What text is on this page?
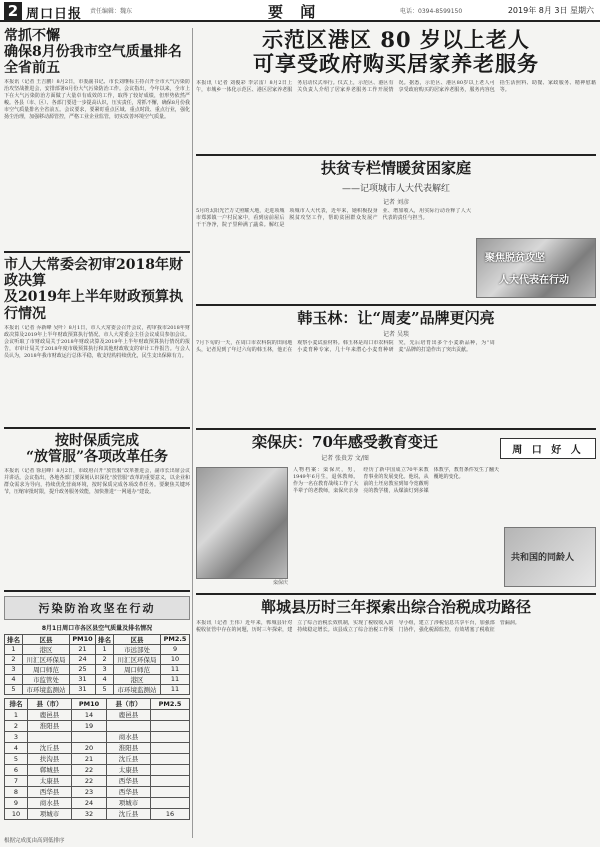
2 周口日报 责任编辑：魏东	要 闻	电话：0394-8599150	2019年 8月 3日 星期六
常抓不懈
确保8月份我市空气质量排名全省前五
本报讯（记者 王吉鹏）8月2日，市委副书记、市长刘继标主持召开全市大气污染防治攻坚战推进会，安排部署8月份大气污染防治工作。会议指出，今年以来，全市上下在大气污染防治方面做了大量卓有成效的工作，取得了较好成绩，但形势依然严峻。各县（市、区）、各部门要进一步提高认识，压实责任，常抓不懈，确保8月份我市空气质量排名全省前五。会议要求，要紧盯重点区域、重点时段、重点行业，强化扬尘治理，加强移动源管控，严格工业企业监管，切实改善环境空气质量。
市人大常委会初审2018年财政决算
及2019年上半年财政预算执行情况
本报讯（记者 乔新峰 吴叶）8月1日，市人大常委会召开会议，初审我市2018年财政决算及2019年上半年财政预算执行情况。市人大常委会主任会议成员参加会议。会议听取了市财政局关于2018年财政决算及2019年上半年财政预算执行情况的报告，市审计局关于2018年度市级预算执行和其他财政收支的审计工作报告。与会人员认为，2018年我市财政运行总体平稳，收支结构持续优化，民生支出保障有力。
按时保质完成
“放管服”各项改革任务
本报讯（记者 徐启峰）8月2日，市政府召开“放管服”改革推进会，副市长出席会议并讲话。会议指出，各地各部门要深刻认识深化“放管服”改革的重要意义，以企业和群众需求为导向，持续优化营商环境，按时保质完成各项改革任务。要聚焦关键环节，压缩审批时限，提升政务服务效能，加快推进“一网通办”建设。
污染防治攻坚在行动
8月1日周口市各区县空气质量及排名情况
排名	区县	PM10	排名	区县	PM2.5
1	港区	21	1	市远部处	9
2	川汇区环保局	24	2	川汇区环保局	10
3	周口师范	25	3	周口师范	11
4	市监管处	31	4	港区	11
5	市环境监测站	31	5	市环境监测站	11
排名	县（市）	PM10	县（市）	PM2.5
1	鹿邑县	14	鹿邑县	
2	淮阳县	19		
3			商水县	
4	沈丘县	20	淮阳县	
5	扶沟县	21	沈丘县	
6	郸城县	22	太康县	
7	太康县	22	西华县	
8	西华县	23	西华县	
9	商水县	24	项城市	
10	项城市	32	沈丘县	16
根据完成度由高到低排序
示范区港区 80 岁以上老人
可享受政府购买居家养老服务
本报讯（记者 刘俊彩 李宗雷）8月2日上午，市城乡一体化示范区、港区居家养老服务启动仪式举行。仪式上，示范区、港区有关负责人介绍了居家养老服务工作开展情况。据悉，示范区、港区80岁以上老人可享受政府购买的居家养老服务，服务内容包括生活照料、助餐、家政服务、精神慰藉等。
扶贫专栏情暖贫困家庭
——记项城市人大代表解红
记者 刘彦
5月的太阳光芒万丈照耀大地，走进项城市郑郭镇一户村民家中，看到房前屋后干干净净，院子里种满了蔬菜。解红是项城市人大代表，近年来，她积极投身脱贫攻坚工作，帮助贫困群众发展产业、增加收入，用实际行动诠释了人大代表的责任与担当。
聚焦脱贫攻坚
人大代表在行动
韩玉林：让“周麦”品牌更闪亮
记者 吴琰
7月下旬的一天，在周口市农科院的田间地头，记者见到了年过六旬的韩玉林，他正在观察小麦试验材料。韩玉林是周口市农科院小麦育种专家，几十年来潜心小麦育种研究，先后培育出多个小麦新品种，为“周麦”品牌的打造作出了突出贡献。
栾保庆：70年感受教育变迁
记者 张贵芳 文/图
周 口 好 人
栾保庆
人物档案：栾保庆，男，1949年6月生，退休教师。作为一名在教育战线工作了大半辈子的老教师，栾保庆亲身经历了新中国成立70年来教育事业的发展变化。他说，从前的土坯房教室到如今宽敞明亮的教学楼，从煤油灯到多媒体教学，教育条件发生了翻天覆地的变化。
共和国的同龄人
郸城县历时三年探索出综合治税成功路径
本报讯（记者 王伟）近年来，郸城县针对税收征管中存在的问题，历时三年探索，建立了综合治税长效机制，实现了税收收入的持续稳定增长。该县成立了综合治税工作领导小组，建立了涉税信息共享平台，加强部门协作，强化税源监控，有效堵塞了税收征管漏洞。
